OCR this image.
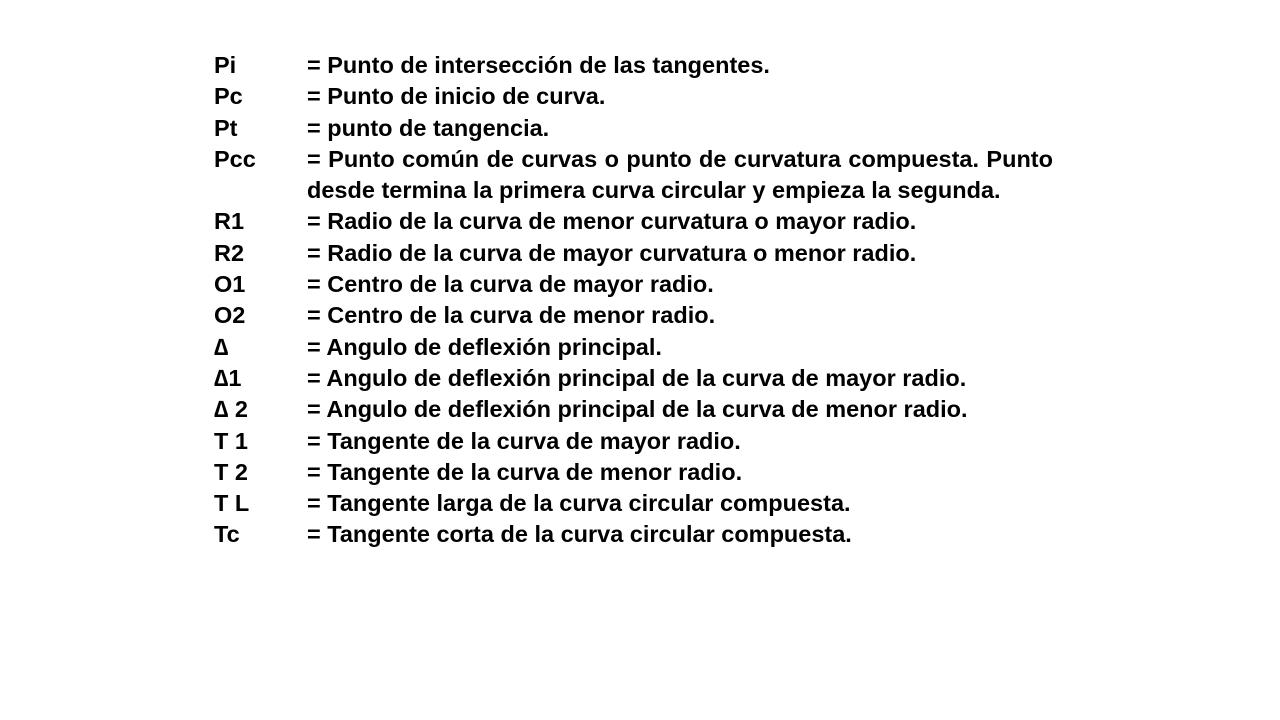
Pi	= Punto de intersección de las tangentes.
Pc	= Punto de inicio de curva.
Pt	= punto de tangencia.
Pcc	= Punto común de curvas o punto de curvatura compuesta. Punto desde termina la primera curva circular y empieza la segunda.
R1	= Radio de la curva de menor curvatura o mayor radio.
R2	= Radio de la curva de mayor curvatura o menor radio.
O1	= Centro de la curva de mayor radio.
O2	= Centro de la curva de menor radio.
∆	= Angulo de deflexión principal.
∆1	= Angulo de deflexión principal de la curva de mayor radio.
∆ 2	= Angulo de deflexión principal de la curva de menor radio.
T 1	= Tangente de la curva de mayor radio.
T 2	= Tangente de la curva de menor radio.
T L	= Tangente larga de la curva circular compuesta.
Tc	= Tangente corta de la curva circular compuesta.
